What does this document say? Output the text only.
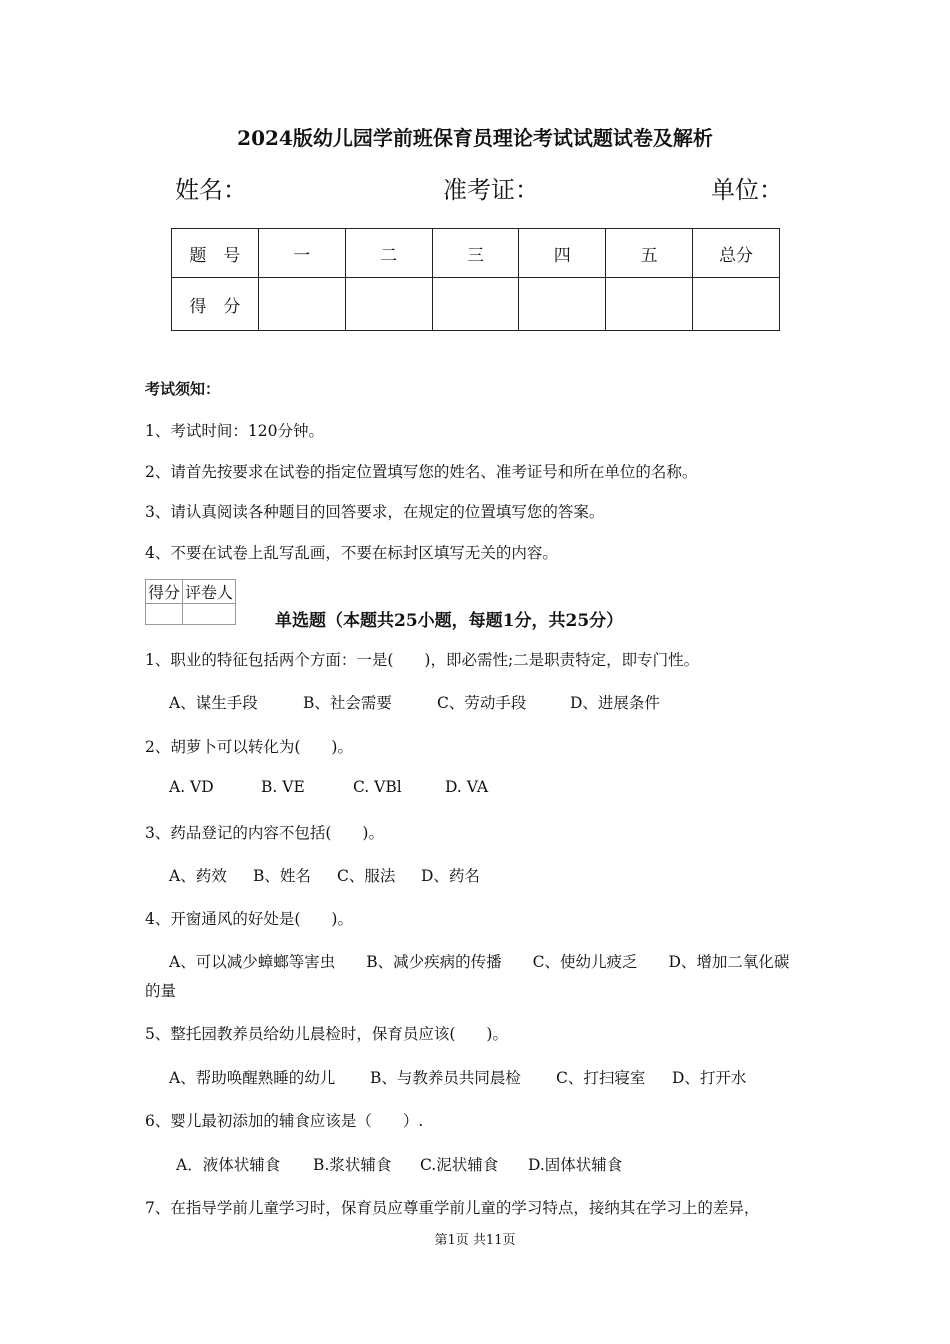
2024版幼儿园学前班保育员理论考试试题试卷及解析
姓名：	准考证：	单位：
题　号	一	二	三	四	五	总分
得　分						
考试须知：
1、考试时间：120分钟。
2、请首先按要求在试卷的指定位置填写您的姓名、准考证号和所在单位的名称。
3、请认真阅读各种题目的回答要求，在规定的位置填写您的答案。
4、不要在试卷上乱写乱画，不要在标封区填写无关的内容。
得分	评卷人

单选题（本题共25小题，每题1分，共25分）
1、职业的特征包括两个方面：一是(　　)，即必需性;二是职责特定，即专门性。
A、谋生手段	B、社会需要	C、劳动手段	D、进展条件
2、胡萝卜可以转化为(　　)。
A. VD	B. VE	C. VBl	D. VA
3、药品登记的内容不包括(　　)。
A、药效 B、姓名 C、服法 D、药名
4、开窗通风的好处是(　　)。
A、可以减少蟑螂等害虫　　B、减少疾病的传播　　C、使幼儿疲乏　　D、增加二氧化碳
的量
5、整托园教养员给幼儿晨检时，保育员应该(　　)。
A、帮助唤醒熟睡的幼儿 B、与教养员共同晨检 C、打扫寝室 D、打开水
6、婴儿最初添加的辅食应该是（　　）.
A．液体状辅食 B.浆状辅食 C.泥状辅食 D.固体状辅食
7、在指导学前儿童学习时，保育员应尊重学前儿童的学习特点，接纳其在学习上的差异，
第1页 共11页
